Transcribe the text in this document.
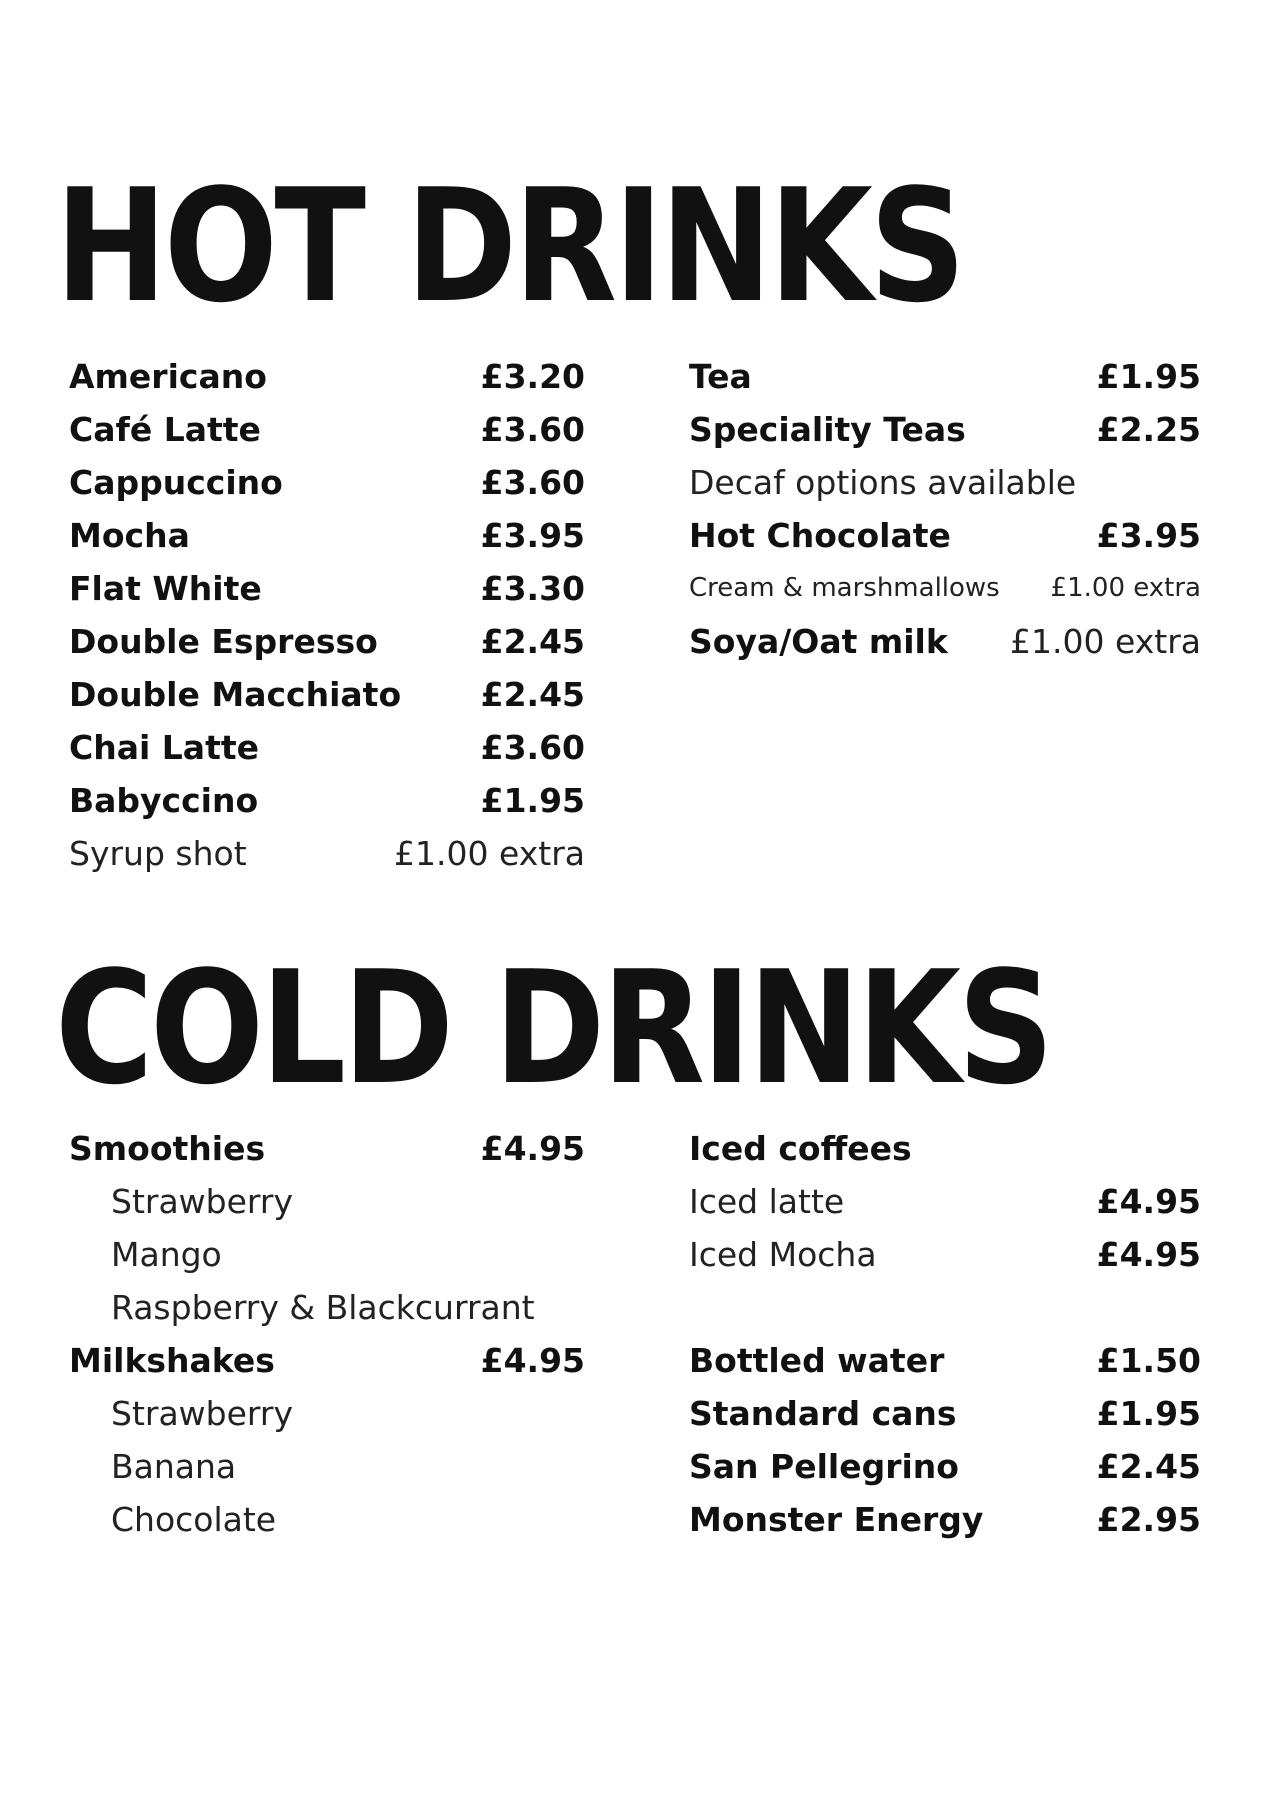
HOT DRINKS
Americano	£3.20
Café Latte	£3.60
Cappuccino	£3.60
Mocha	£3.95
Flat White	£3.30
Double Espresso	£2.45
Double Macchiato £2.45
Chai Latte	£3.60
Babyccino	£1.95
Syrup shot	£1.00 extra
Tea	£1.95
Speciality Teas	£2.25
Decaf options available
Hot Chocolate	£3.95
Cream & marshmallows £1.00 extra
Soya/Oat milk £1.00 extra
COLD DRINKS
Smoothies	£4.95
Strawberry
Mango
Raspberry & Blackcurrant
Milkshakes	£4.95
Strawberry
Banana
Chocolate
Iced coffees
Iced latte	£4.95
Iced Mocha	£4.95
Bottled water	£1.50
Standard cans	£1.95
San Pellegrino	£2.45
Monster Energy	£2.95
